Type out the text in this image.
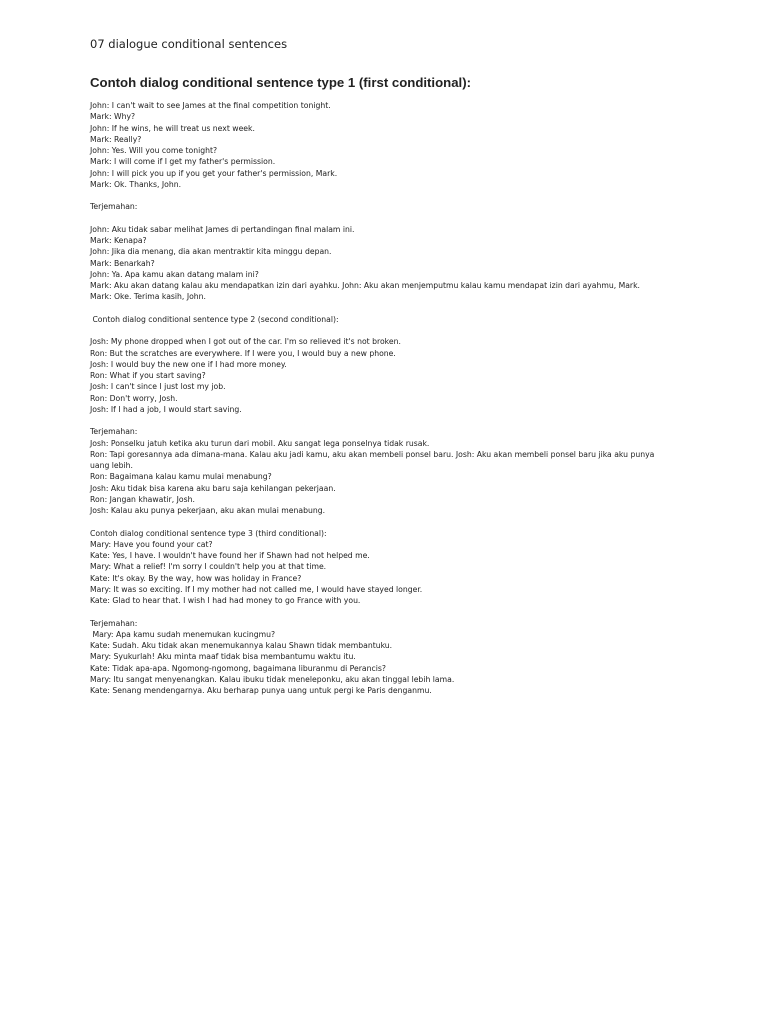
07 dialogue conditional sentences
Contoh dialog conditional sentence type 1 (first conditional):
John: I can't wait to see James at the final competition tonight.
Mark: Why?
John: If he wins, he will treat us next week.
Mark: Really?
John: Yes. Will you come tonight?
Mark: I will come if I get my father's permission.
John: I will pick you up if you get your father's permission, Mark.
Mark: Ok. Thanks, John.
Terjemahan:
John: Aku tidak sabar melihat James di pertandingan final malam ini.
Mark: Kenapa?
John: Jika dia menang, dia akan mentraktir kita minggu depan.
Mark: Benarkah?
John: Ya. Apa kamu akan datang malam ini?
Mark: Aku akan datang kalau aku mendapatkan izin dari ayahku. John: Aku akan menjemputmu kalau kamu mendapat izin dari ayahmu, Mark.
Mark: Oke. Terima kasih, John.
Contoh dialog conditional sentence type 2 (second conditional):
Josh: My phone dropped when I got out of the car. I'm so relieved it's not broken.
Ron: But the scratches are everywhere. If I were you, I would buy a new phone.
Josh: I would buy the new one if I had more money.
Ron: What if you start saving?
Josh: I can't since I just lost my job.
Ron: Don't worry, Josh.
Josh: If I had a job, I would start saving.
Terjemahan:
Josh: Ponselku jatuh ketika aku turun dari mobil. Aku sangat lega ponselnya tidak rusak.
Ron: Tapi goresannya ada dimana-mana. Kalau aku jadi kamu, aku akan membeli ponsel baru. Josh: Aku akan membeli ponsel baru jika aku punya uang lebih.
Ron: Bagaimana kalau kamu mulai menabung?
Josh: Aku tidak bisa karena aku baru saja kehilangan pekerjaan.
Ron: Jangan khawatir, Josh.
Josh: Kalau aku punya pekerjaan, aku akan mulai menabung.
Contoh dialog conditional sentence type 3 (third conditional):
Mary: Have you found your cat?
Kate: Yes, I have. I wouldn't have found her if Shawn had not helped me.
Mary: What a relief! I'm sorry I couldn't help you at that time.
Kate: It's okay. By the way, how was holiday in France?
Mary: It was so exciting. If I my mother had not called me, I would have stayed longer.
Kate: Glad to hear that. I wish I had had money to go France with you.
Terjemahan:
Mary: Apa kamu sudah menemukan kucingmu?
Kate: Sudah. Aku tidak akan menemukannya kalau Shawn tidak membantuku.
Mary: Syukurlah! Aku minta maaf tidak bisa membantumu waktu itu.
Kate: Tidak apa-apa. Ngomong-ngomong, bagaimana liburanmu di Perancis?
Mary: Itu sangat menyenangkan. Kalau ibuku tidak meneleponku, aku akan tinggal lebih lama.
Kate: Senang mendengarnya. Aku berharap punya uang untuk pergi ke Paris denganmu.
